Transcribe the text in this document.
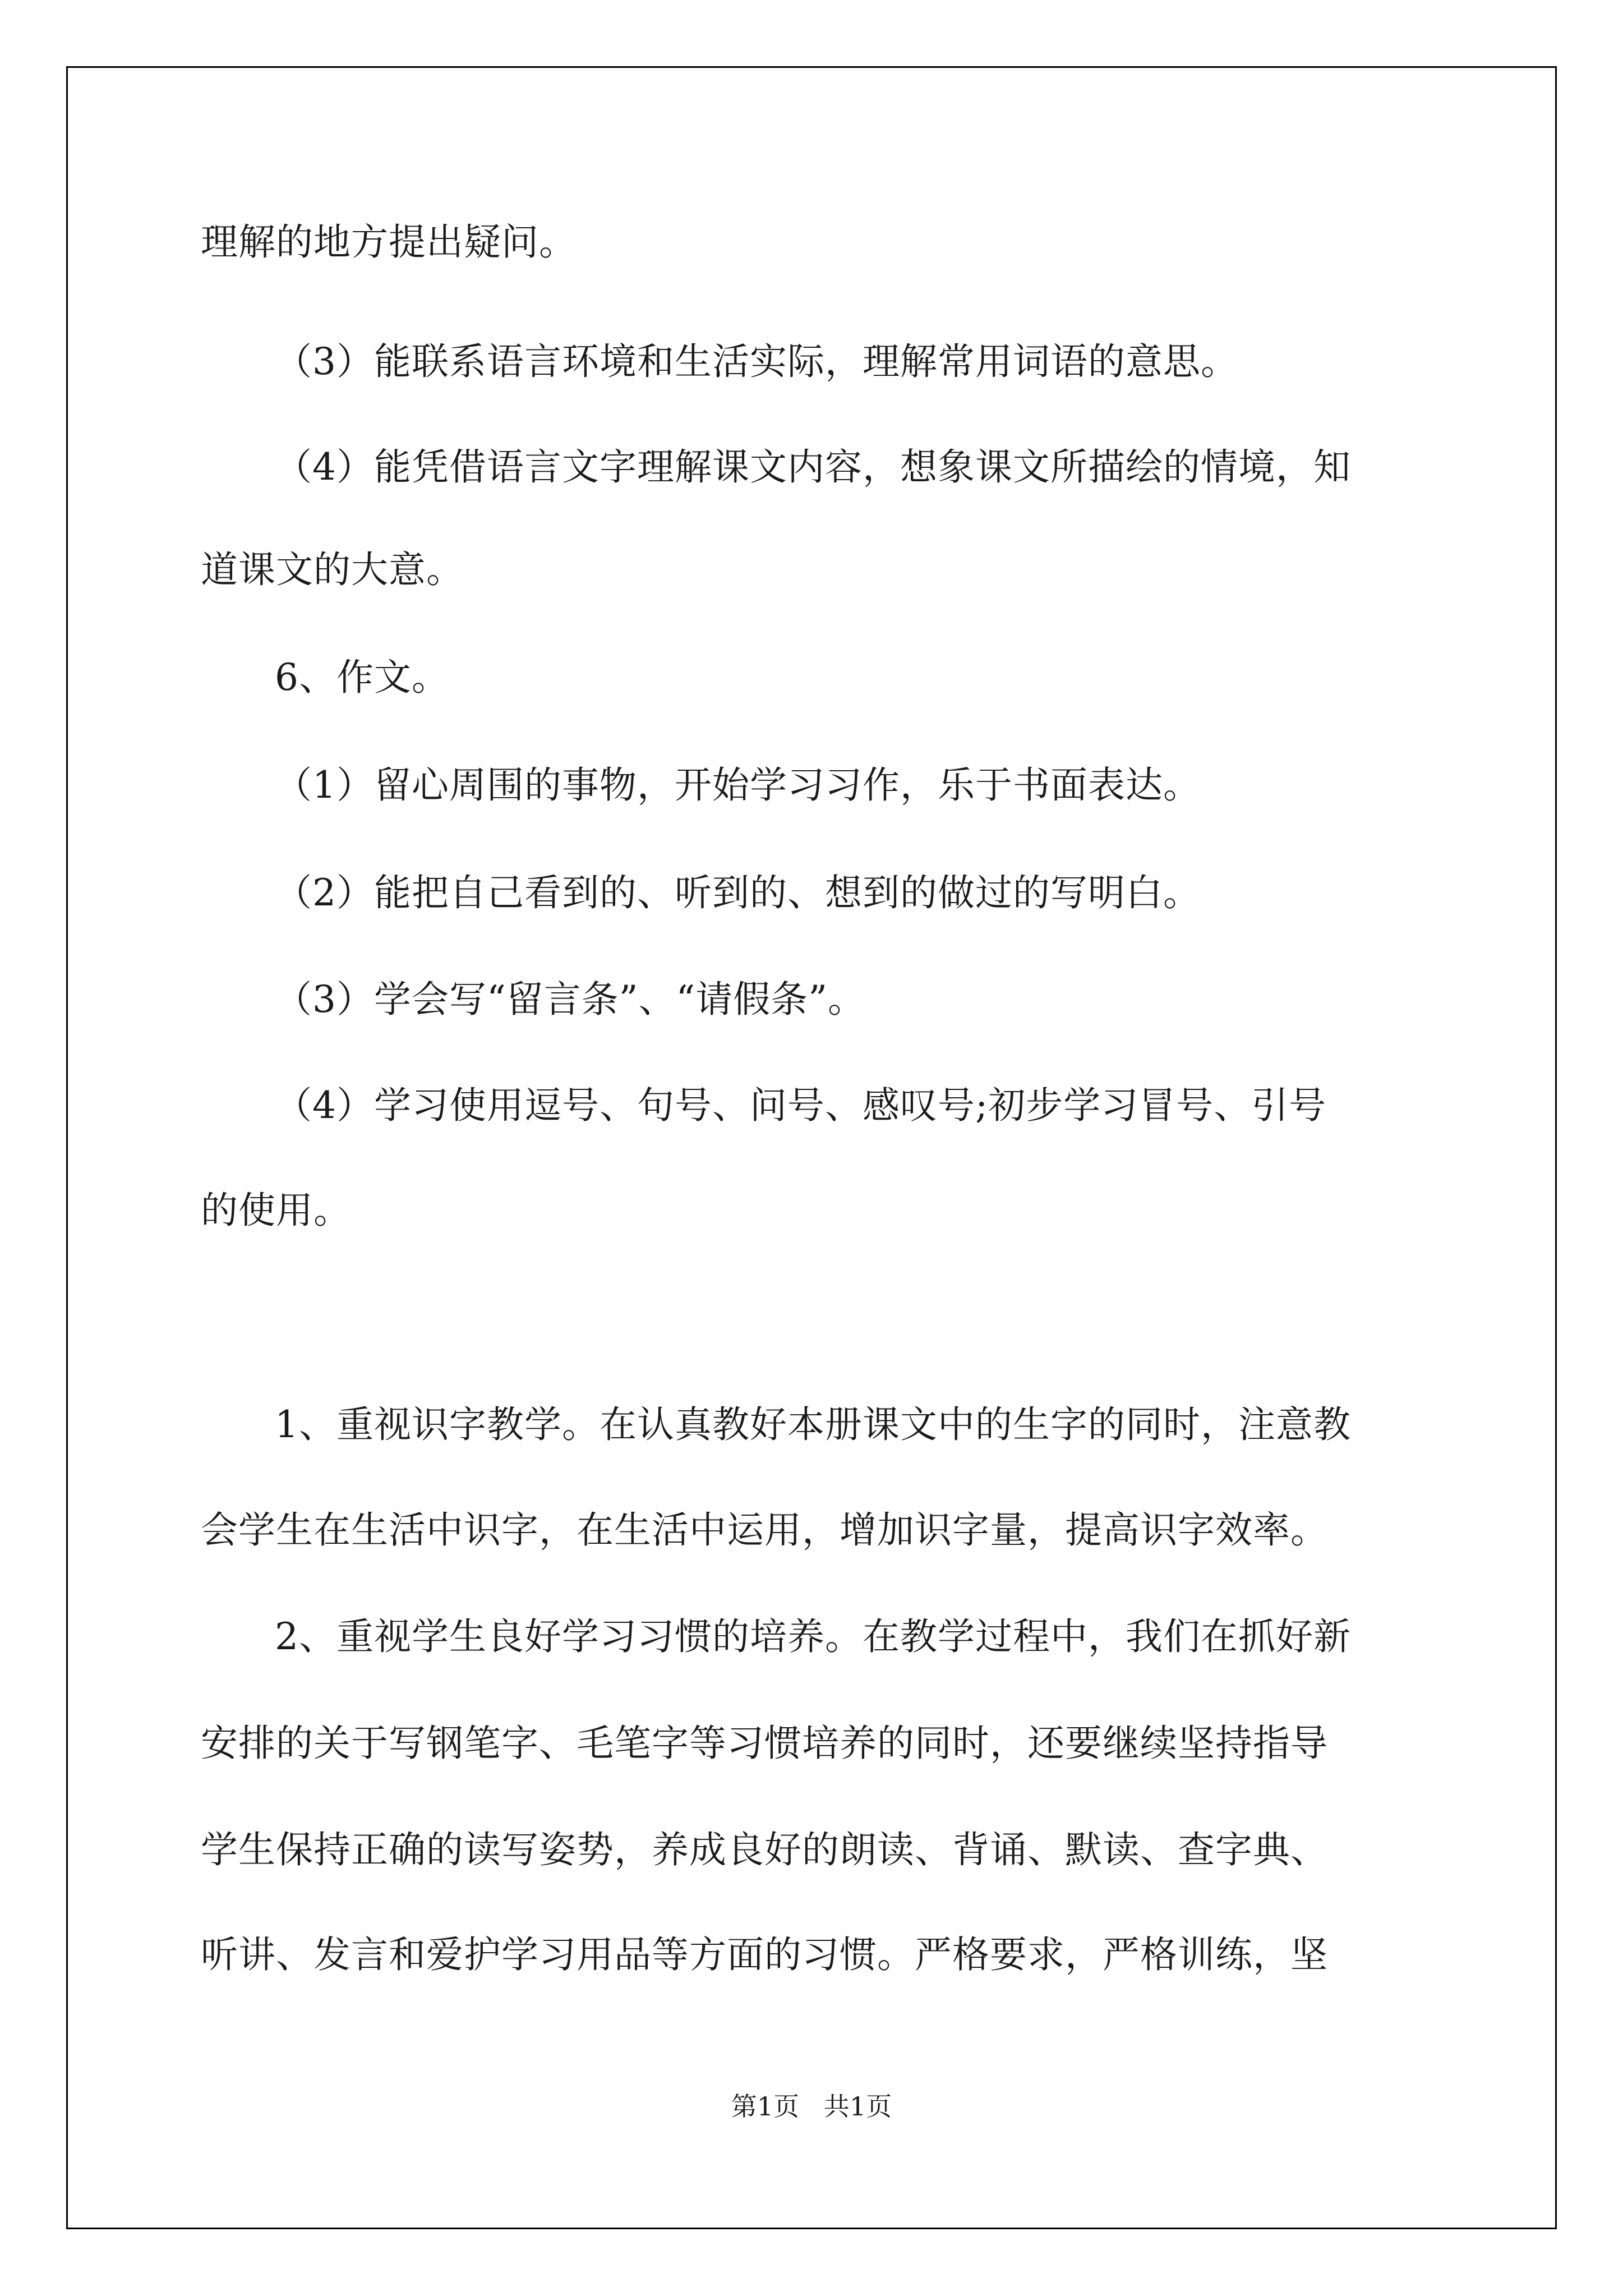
理解的地方提出疑问。
（3）能联系语言环境和生活实际，理解常用词语的意思。
（4）能凭借语言文字理解课文内容，想象课文所描绘的情境，知
道课文的大意。
6、作文。
（1）留心周围的事物，开始学习习作，乐于书面表达。
（2）能把自己看到的、听到的、想到的做过的写明白。
（3）学会写“留言条”、“请假条”。
（4）学习使用逗号、句号、问号、感叹号;初步学习冒号、引号
的使用。
1、重视识字教学。在认真教好本册课文中的生字的同时，注意教
会学生在生活中识字，在生活中运用，增加识字量，提高识字效率。
2、重视学生良好学习习惯的培养。在教学过程中，我们在抓好新
安排的关于写钢笔字、毛笔字等习惯培养的同时，还要继续坚持指导
学生保持正确的读写姿势，养成良好的朗读、背诵、默读、查字典、
听讲、发言和爱护学习用品等方面的习惯。严格要求，严格训练，坚
第1页   共1页
